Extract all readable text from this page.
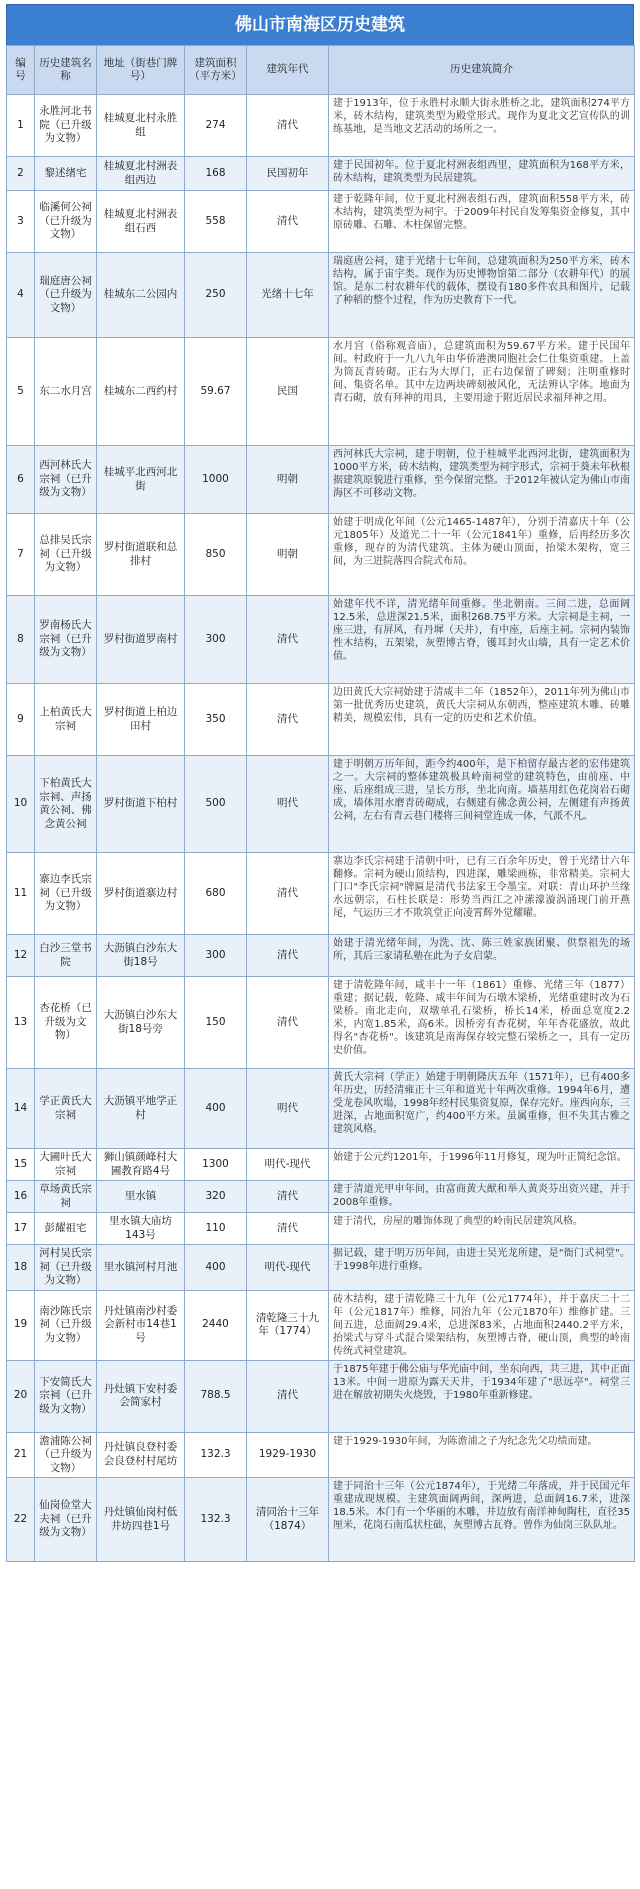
佛山市南海区历史建筑
编号	历史建筑名称	地址（街巷门牌号）	建筑面积（平方米）	建筑年代	历史建筑简介
1	永胜河北书院（已升级为文物）	桂城夏北村永胜组	274	清代	建于1913年，位于永胜村永顺大街永胜桥之北，建筑面积274平方米，砖木结构，建筑类型为殿堂形式。现作为夏北文艺宣传队的训练基地，是当地文艺活动的场所之一。
2	黎述绪宅	桂城夏北村洲表组西边	168	民国初年	建于民国初年。位于夏北村洲表组西里，建筑面积为168平方米，砖木结构，建筑类型为民居建筑。
3	临溪何公祠（已升级为文物）	桂城夏北村洲表组石西	558	清代	建于乾隆年间，位于夏北村洲表组石西，建筑面积558平方米，砖木结构，建筑类型为祠宇。于2009年村民自发筹集资金修复，其中原砖雕、石雕、木柱保留完整。
4	瑞庭唐公祠（已升级为文物）	桂城东二公园内	250	光绪十七年	瑞庭唐公祠，建于光绪十七年间，总建筑面积为250平方米，砖木结构，属于宙宇类。现作为历史博物馆第二部分（农耕年代）的展馆。是东二村农耕年代的载体，摆设有180多件农具和图片，记载了种稻的整个过程，作为历史教育下一代。
5	东二水月宫	桂城东二西约村	59.67	民国	水月宫（俗称观音庙），总建筑面积为59.67平方米。建于民国年间。村政府于一九八九年由华侨港澳同胞社会仁仕集资重建。上盖为筒瓦青砖砌。正右为大厚门，正右边保留了碑刻；注明重修时间、集资名单。其中左边两块碑刻被风化，无法辨认字体。地面为青石砌，放有拜神的用具，主要用途于附近居民求福拜神之用。
6	西河林氏大宗祠（已升级为文物）	桂城平北西河北街	1000	明朝	西河林氏大宗祠，建于明朝，位于桂城平北西河北街，建筑面积为1000平方米，砖木结构，建筑类型为祠宇形式，宗祠于葵未年秋根据建筑原貌进行重修，至今保留完整。于2012年被认定为佛山市南海区不可移动文物。
7	总排吴氏宗祠（已升级为文物）	罗村街道联和总排村	850	明朝	始建于明成化年间（公元1465-1487年），分别于清嘉庆十年（公元1805年）及道光二十一年（公元1841年）重修，后再经历多次重修，现存的为清代建筑。主体为硬山顶面，抬梁木架构，宽三间，为三进院落四合院式布局。
8	罗南杨氏大宗祠（已升级为文物）	罗村街道罗南村	300	清代	始建年代不详，清光绪年间重修。坐北朝南。三间二进，总面阔12.5米，总进深21.5米，面积268.75平方米。大宗祠是主祠，一座三进，有屏风，有丹墀（天井），有中座，后座主祠。宗祠内装饰性木结构，五架梁，灰塑博古脊，镬耳封火山墙，具有一定艺术价值。
9	上柏黄氏大宗祠	罗村街道上柏边田村	350	清代	边田黄氏大宗祠始建于清咸丰二年（1852年），2011年列为佛山市第一批优秀历史建筑，黄氏大宗祠从东朝西，整座建筑木雕、砖雕精美，规模宏伟，具有一定的历史和艺术价值。
10	下柏黄氏大宗祠、声扬黄公祠、佛念黄公祠	罗村街道下柏村	500	明代	建于明朝万历年间，距今约400年，是下柏留存最古老的宏伟建筑之一。大宗祠的整体建筑极具岭南祠堂的建筑特色，由前座、中座、后座组成三进，呈长方形，坐北向南。墙基用红色花岗岩石砌成，墙体用水磨青砖砌成，右侧建有佛念黄公祠，左侧建有声扬黄公祠，左右有青云巷门楼将三间祠堂连成一体，气派不凡。
11	寨边李氏宗祠（已升级为文物）	罗村街道寨边村	680	清代	寨边李氏宗祠建于清朝中叶，已有三百余年历史，曾于光绪廿六年翻修。宗祠为硬山顶结构，四进深，雕梁画栋，非常精美。宗祠大门口"李氏宗祠"牌匾是清代书法家王令墨宝。对联：青山环护兰缘水远朝宗，石柱长联是：形势当西江之冲潆濛漩涡涌现门前开燕尾，气运历三才不欺筑堂正向凌霄辉外觉耀曜。
12	白沙三堂书院	大沥镇白沙东大街18号	300	清代	始建于清光绪年间，为洗、沈、陈三姓家族团聚、供祭祖先的场所，其后三家请私塾在此为子女启蒙。
13	杏花桥（已升级为文物）	大沥镇白沙东大街18号旁	150	清代	建于清乾隆年间，咸丰十一年（1861）重修、光绪三年（1877）重建；据记载，乾隆、咸丰年间为石墩木梁桥，光绪重建时改为石梁桥。南北走向，双墩单孔石梁桥，桥长14米，桥面总宽度2.2米，内宽1.85米，高6米。因桥旁有杏花树，年年杏花盛放，故此得名"杏花桥"。该建筑是南海保存较完整石梁桥之一，具有一定历史价值。
14	学正黄氏大宗祠	大沥镇平地学正村	400	明代	黄氏大宗祠（学正）始建于明朝隆庆五年（1571年），已有400多年历史，历经清雍正十三年和道光十年两次重修。1994年6月，遭受龙卷风吹塌，1998年经村民集资复原，保存完好。座西向东，三进深，占地面积宽广，约400平方米。虽属重修，但不失其古雅之建筑风格。
15	大圃叶氏大宗祠	狮山镇颜峰村大圃教育路4号	1300	明代-现代	始建于公元约1201年，于1996年11月修复，现为叶正简纪念馆。
16	草场黄氏宗祠	里水镇	320	清代	建于清道光甲申年间，由富商黄大猷和举人黄炎芬出资兴建，并于2008年重修。
17	彭耀祖宅	里水镇大庙坊143号	110	清代	建于清代，房屋的雕饰体现了典型的岭南民居建筑风格。
18	河村吴氏宗祠（已升级为文物）	里水镇河村月池	400	明代-现代	据记载，建于明万历年间，由进士吴光龙所建，是"衙门式祠堂"。于1998年进行重修。
19	南沙陈氏宗祠（已升级为文物）	丹灶镇南沙村委会新村市14巷1号	2440	清乾隆三十九年（1774）	砖木结构，建于清乾隆三十九年（公元1774年），并于嘉庆二十二年（公元1817年）维修，同治九年（公元1870年）维修扩建。三间五进，总面阔29.4米，总进深83米，占地面积2440.2平方米，抬梁式与穿斗式混合梁架结构，灰塑博古脊，硬山顶，典型的岭南传统式祠堂建筑。
20	下安简氏大宗祠（已升级为文物）	丹灶镇下安村委会简家村	788.5	清代	于1875年建于佛公庙与华光庙中间，坐东向西，共三进，其中正面13米。中间一进原为露天天井，于1934年建了"思远亭"。祠堂三进在解放初期失火烧毁，于1980年重新修建。
21	澹浦陈公祠（已升级为文物）	丹灶镇良登村委会良登村村尾坊	132.3	1929-1930	建于1929-1930年间，为陈澹浦之子为纪念先父功绩而建。
22	仙岗俭堂大夫祠（已升级为文物）	丹灶镇仙岗村低井坊四巷1号	132.3	清同治十三年（1874）	建于同治十三年（公元1874年），于光绪二年落成，并于民国元年重建成现规模。主建筑面阔两间，深两进，总面阔16.7米，进深18.5米。本门有一个华丽的木雕，井边放有南洋神甸陶柱，直径35厘米，花岗石南瓜状柱础，灰塑博古瓦脊。曾作为仙岗三队队址。
